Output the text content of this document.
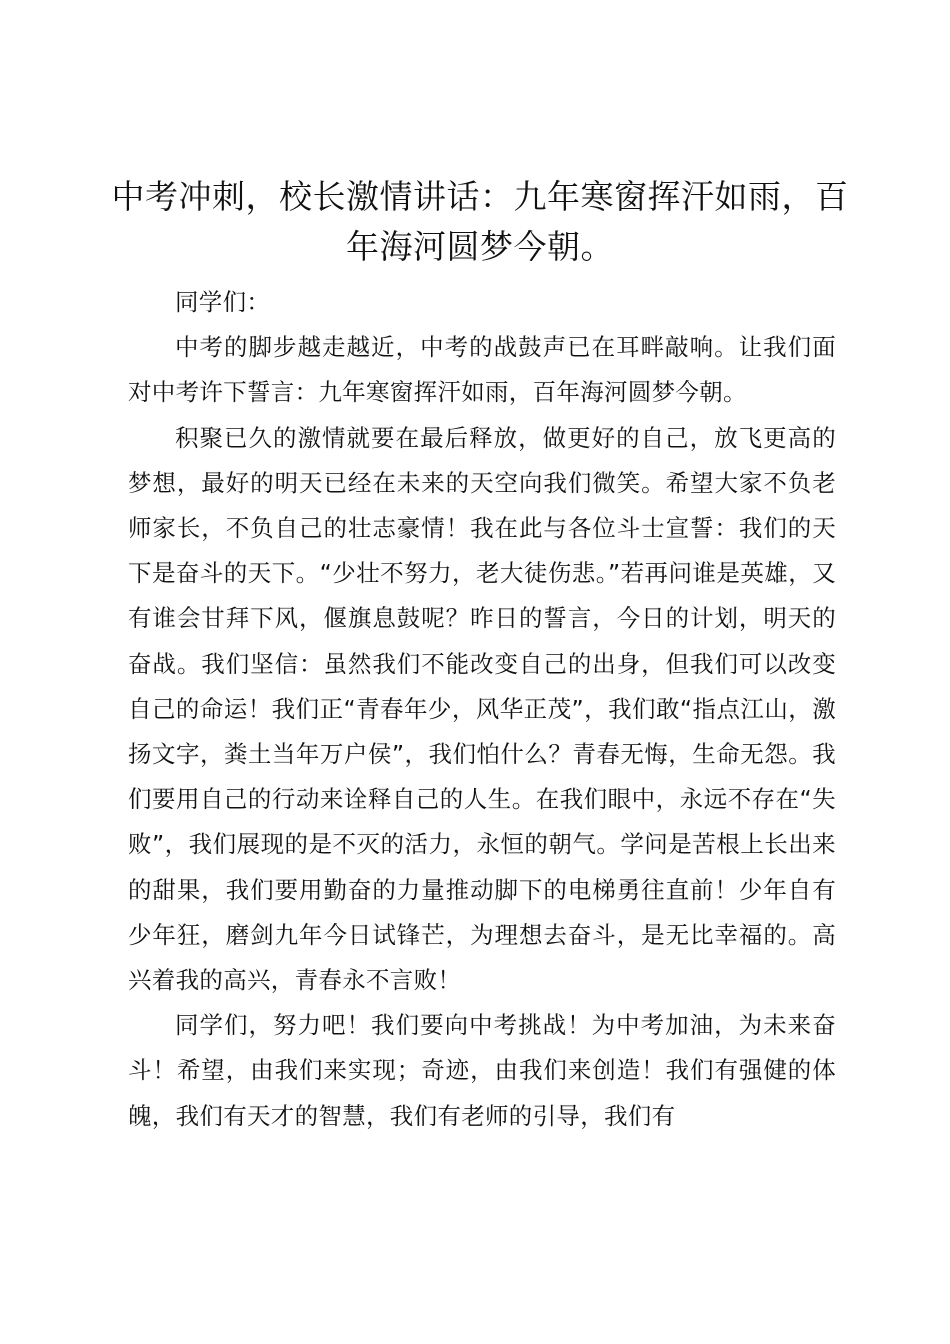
中考冲刺，校长激情讲话：九年寒窗挥汗如雨，百年海河圆梦今朝。

同学们：

中考的脚步越走越近，中考的战鼓声已在耳畔敲响。让我们面对中考许下誓言：九年寒窗挥汗如雨，百年海河圆梦今朝。

积聚已久的激情就要在最后释放，做更好的自己，放飞更高的梦想，最好的明天已经在未来的天空向我们微笑。希望大家不负老师家长，不负自己的壮志豪情！我在此与各位斗士宣誓：我们的天下是奋斗的天下。“少壮不努力，老大徒伤悲。”若再问谁是英雄，又有谁会甘拜下风，偃旗息鼓呢？昨日的誓言，今日的计划，明天的奋战。我们坚信：虽然我们不能改变自己的出身，但我们可以改变自己的命运！我们正“青春年少，风华正茂”，我们敢“指点江山，激扬文字，粪土当年万户侯”，我们怕什么？青春无悔，生命无怨。我们要用自己的行动来诠释自己的人生。在我们眼中，永远不存在“失败”，我们展现的是不灭的活力，永恒的朝气。学问是苦根上长出来的甜果，我们要用勤奋的力量推动脚下的电梯勇往直前！少年自有少年狂，磨剑九年今日试锋芒，为理想去奋斗，是无比幸福的。高兴着我的高兴，青春永不言败！

同学们，努力吧！我们要向中考挑战！为中考加油，为未来奋斗！希望，由我们来实现；奇迹，由我们来创造！我们有强健的体魄，我们有天才的智慧，我们有老师的引导，我们有
